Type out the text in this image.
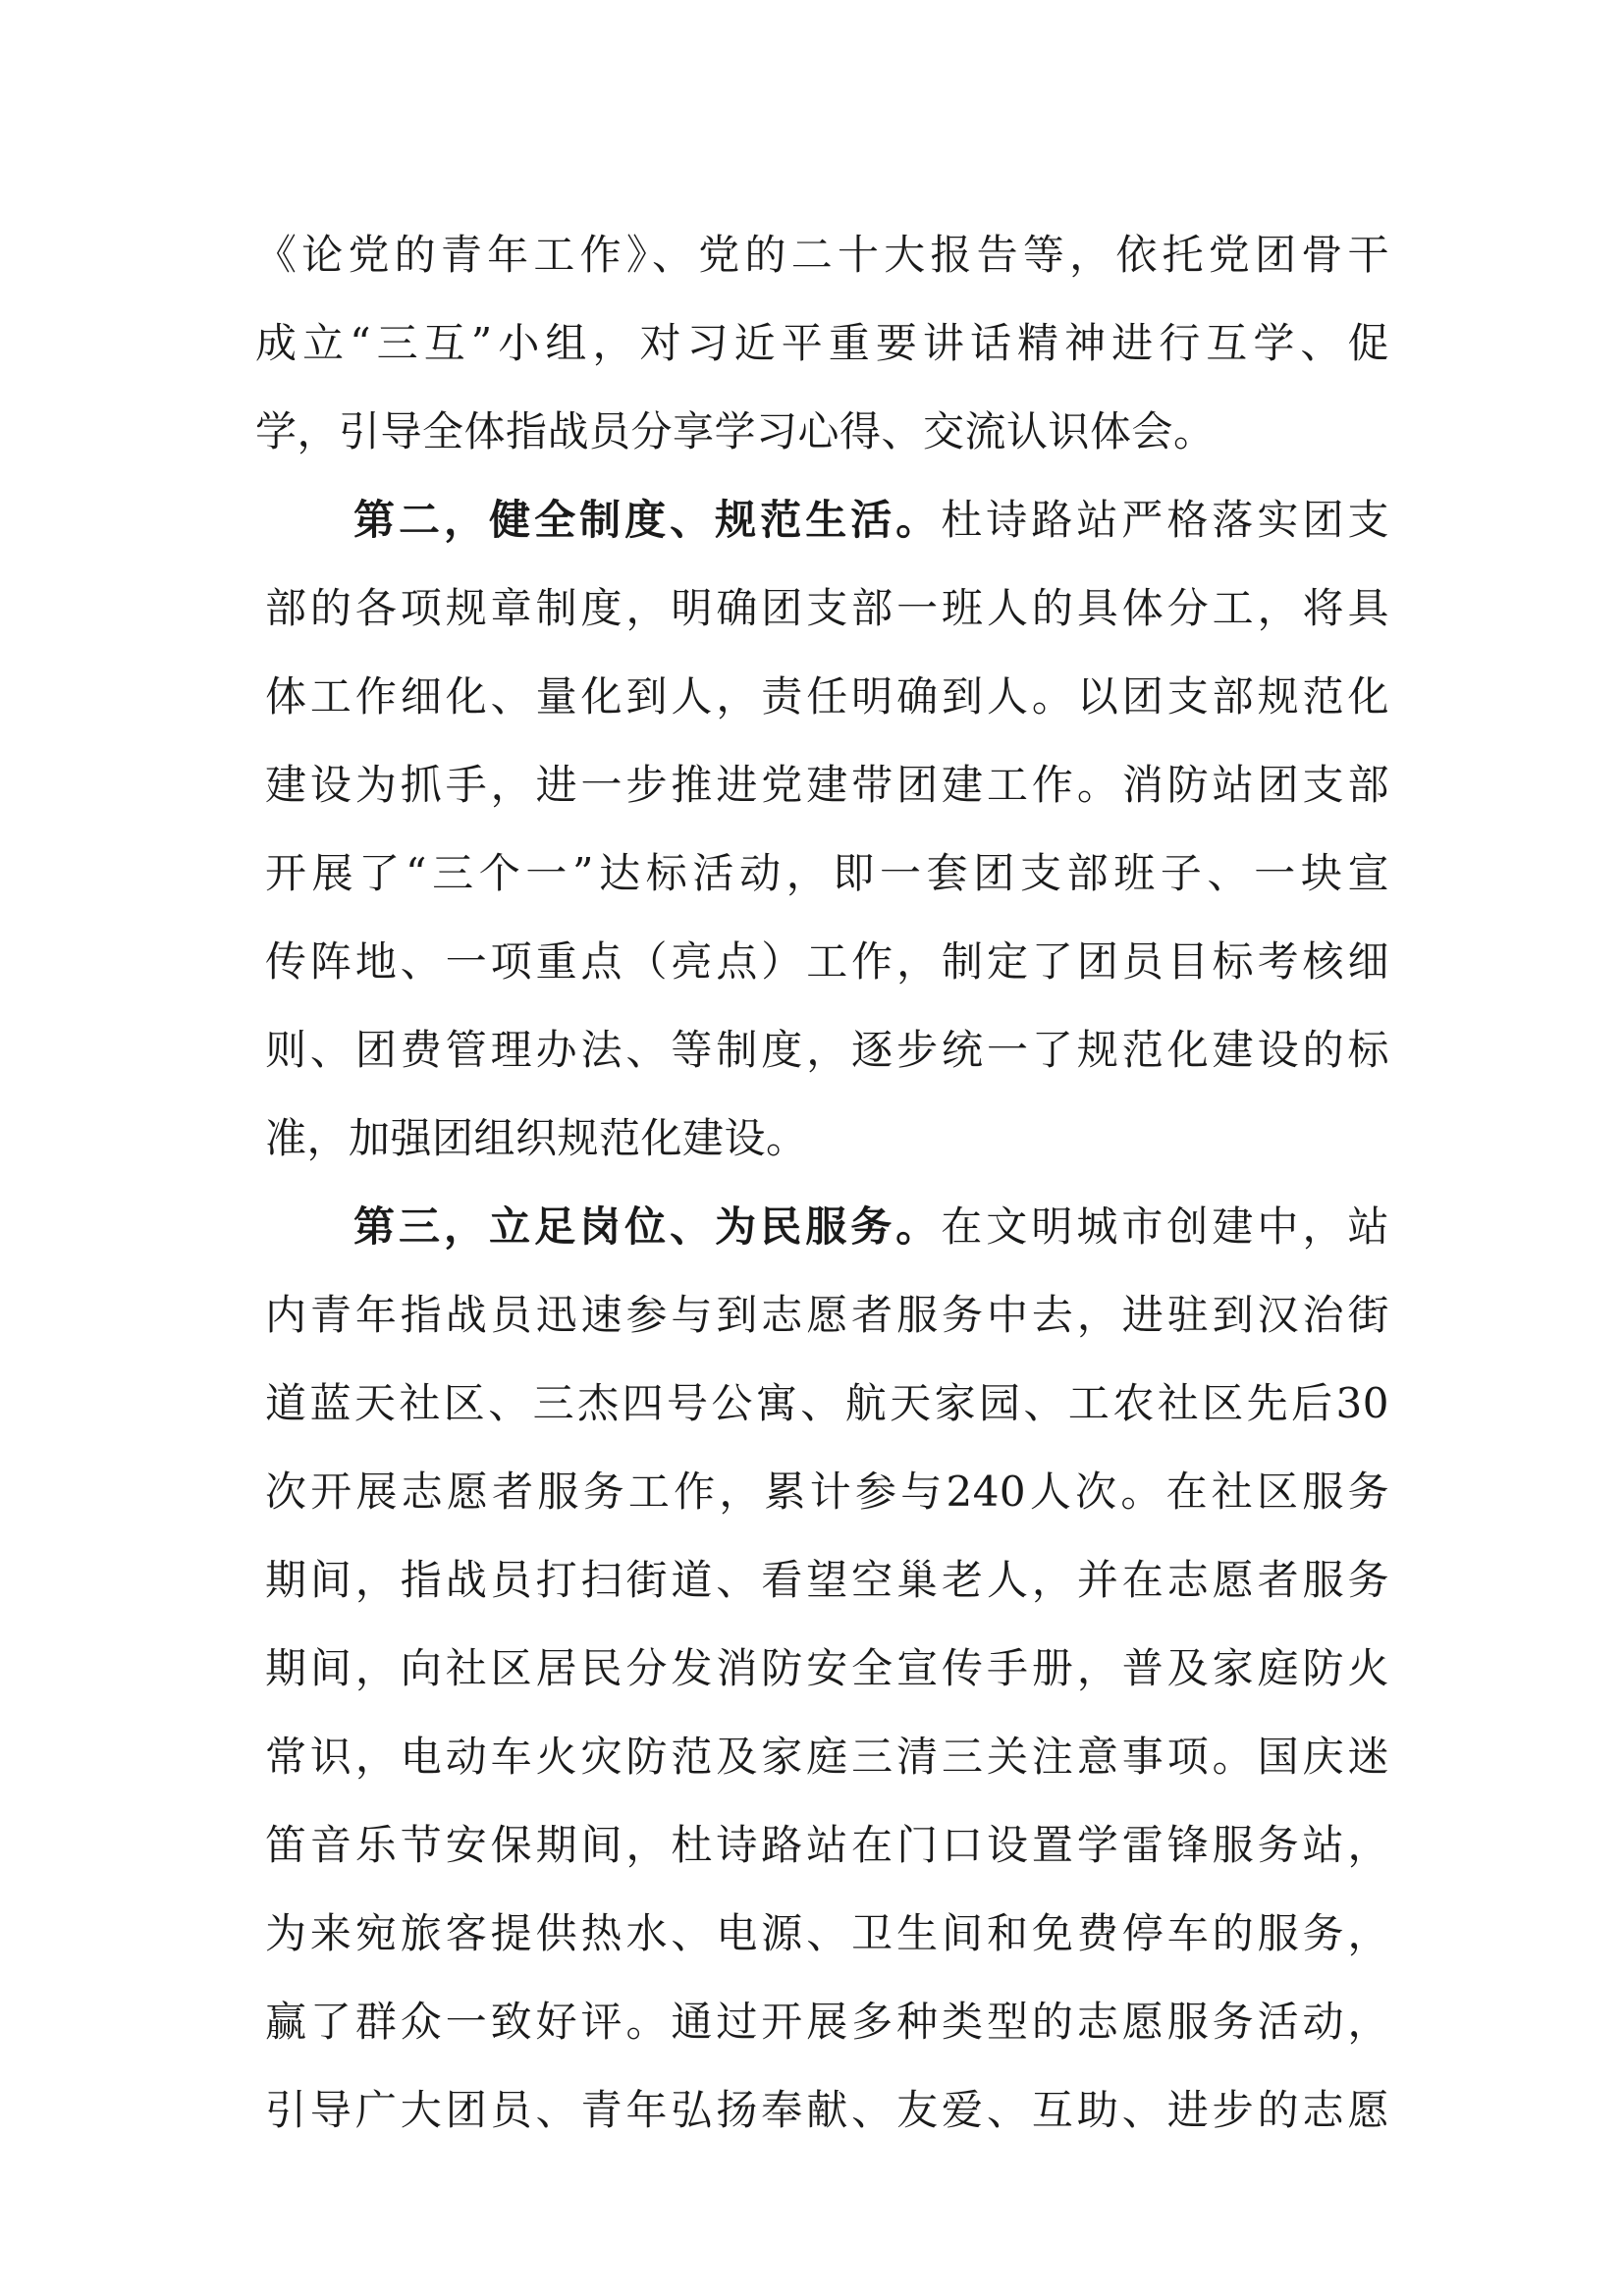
《论党的青年工作》、党的二十大报告等，依托党团骨干
成立“三互”小组，对习近平重要讲话精神进行互学、促
学，引导全体指战员分享学习心得、交流认识体会。
第二，健全制度、规范生活。杜诗路站严格落实团支
部的各项规章制度，明确团支部一班人的具体分工，将具
体工作细化、量化到人，责任明确到人。以团支部规范化
建设为抓手，进一步推进党建带团建工作。消防站团支部
开展了“三个一”达标活动，即一套团支部班子、一块宣
传阵地、一项重点（亮点）工作，制定了团员目标考核细
则、团费管理办法、等制度，逐步统一了规范化建设的标
准，加强团组织规范化建设。
第三，立足岗位、为民服务。在文明城市创建中，站
内青年指战员迅速参与到志愿者服务中去，进驻到汉治街
道蓝天社区、三杰四号公寓、航天家园、工农社区先后30
次开展志愿者服务工作，累计参与240人次。在社区服务
期间，指战员打扫街道、看望空巢老人，并在志愿者服务
期间，向社区居民分发消防安全宣传手册，普及家庭防火
常识，电动车火灾防范及家庭三清三关注意事项。国庆迷
笛音乐节安保期间，杜诗路站在门口设置学雷锋服务站，
为来宛旅客提供热水、电源、卫生间和免费停车的服务，
赢了群众一致好评。通过开展多种类型的志愿服务活动，
引导广大团员、青年弘扬奉献、友爱、互助、进步的志愿
